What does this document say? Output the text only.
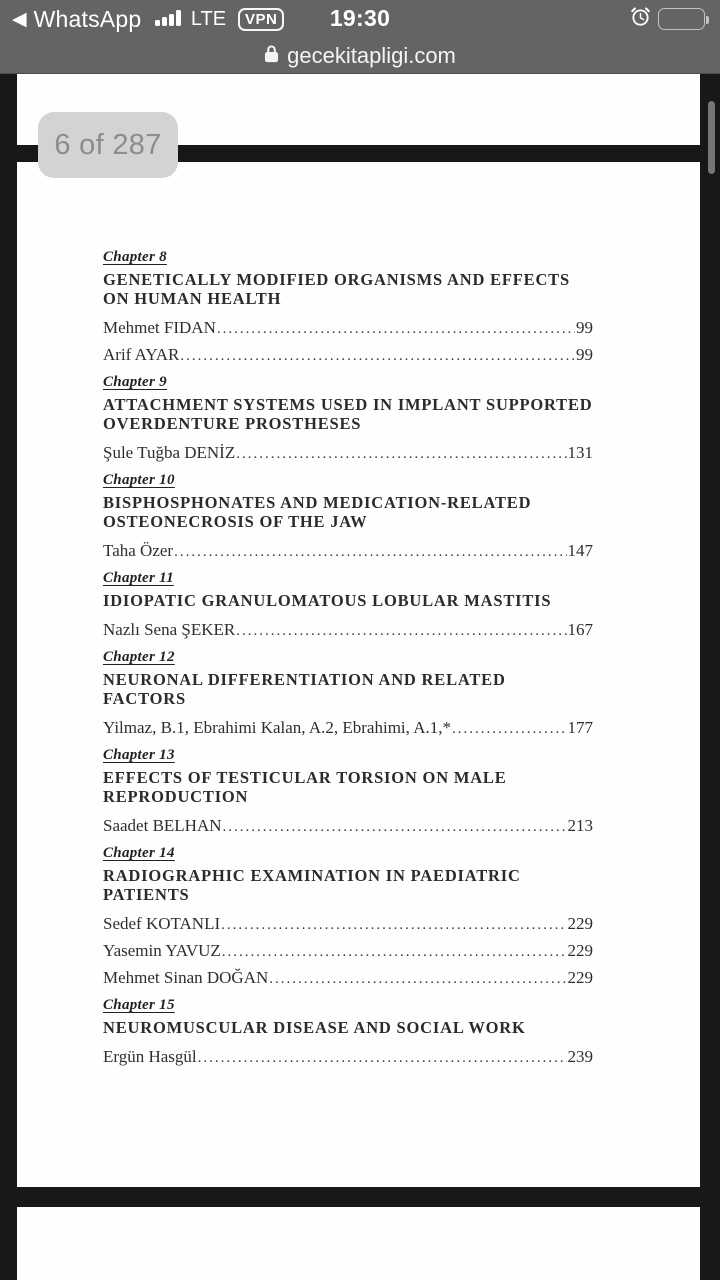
◀ WhatsApp LTE	VPN	19:30
gecekitapligi.com
Chapter 8
GENETICALLY MODIFIED ORGANISMS AND EFFECTS ON HUMAN HEALTH
Mehmet FIDAN .....	99
Arif AYAR .....	99
Chapter 9
ATTACHMENT SYSTEMS USED IN IMPLANT SUPPORTED OVERDENTURE PROSTHESES
Şule Tuğba DENİZ .....	131
Chapter 10
BISPHOSPHONATES AND MEDICATION-RELATED OSTEONECROSIS OF THE JAW
Taha Özer .....	147
Chapter 11
IDIOPATIC GRANULOMATOUS LOBULAR MASTITIS
Nazlı Sena ŞEKER .....	167
Chapter 12
NEURONAL DIFFERENTIATION AND RELATED FACTORS
Yilmaz, B.1, Ebrahimi Kalan, A.2, Ebrahimi, A.1,* .....	177
Chapter 13
EFFECTS OF TESTICULAR TORSION ON MALE REPRODUCTION
Saadet BELHAN .....	213
Chapter 14
RADIOGRAPHIC EXAMINATION IN PAEDIATRIC PATIENTS
Sedef KOTANLI .....	229
Yasemin YAVUZ .....	229
Mehmet Sinan DOĞAN .....	229
Chapter 15
NEUROMUSCULAR DISEASE AND SOCIAL WORK
Ergün Hasgül .....	239
6 of 287
